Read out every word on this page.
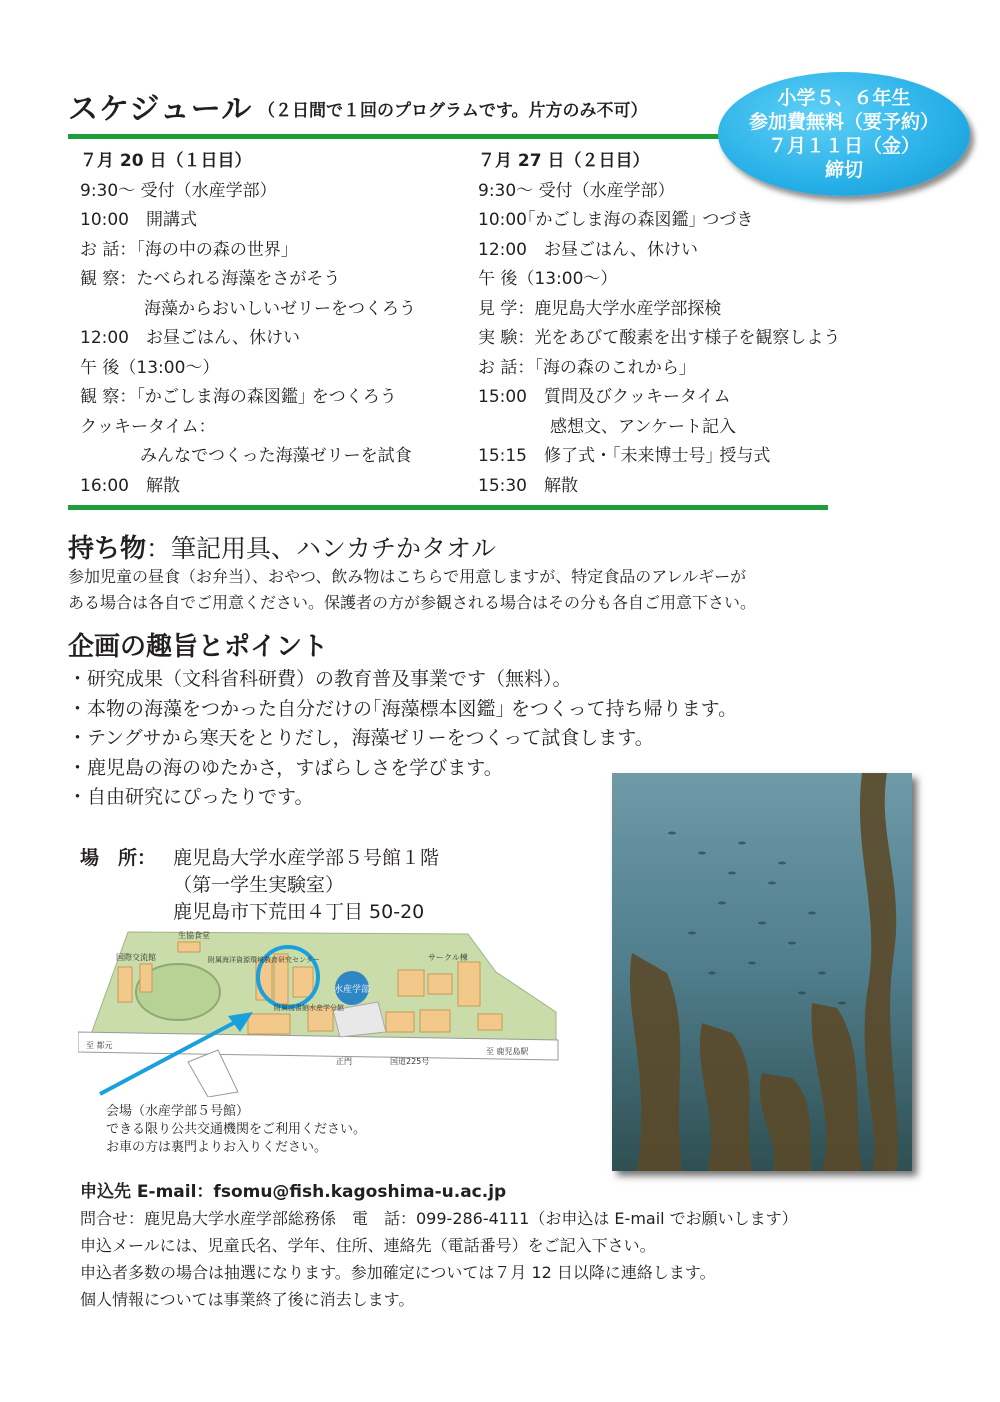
スケジュール （２日間で１回のプログラムです。片方のみ不可）
小学５、６年生
参加費無料（要予約）
７月１１日（金）
締切
７月 20 日（１日目）
9:30～ 受付（水産学部）
10:00　開講式
お 話：｢海の中の森の世界｣
観 察：たべられる海藻をさがそう
海藻からおいしいゼリーをつくろう
12:00　お昼ごはん、休けい
午 後（13:00～）
観 察：｢かごしま海の森図鑑｣ をつくろう
クッキータイム：
みんなでつくった海藻ゼリーを試食
16:00　解散
７月 27 日（２日目）
9:30～ 受付（水産学部）
10:00｢かごしま海の森図鑑｣ つづき
12:00　お昼ごはん、休けい
午 後（13:00～）
見 学：鹿児島大学水産学部探検
実 験：光をあびて酸素を出す様子を観察しよう
お 話：｢海の森のこれから｣
15:00　質問及びクッキータイム
感想文、アンケート記入
15:15　修了式・｢未来博士号｣ 授与式
15:30　解散
持ち物：筆記用具、ハンカチかタオル
参加児童の昼食（お弁当）、おやつ、飲み物はこちらで用意しますが、特定食品のアレルギーが
ある場合は各自でご用意ください。保護者の方が参観される場合はその分も各自ご用意下さい。
企画の趣旨とポイント
・研究成果（文科省科研費）の教育普及事業です（無料）。
・本物の海藻をつかった自分だけの｢海藻標本図鑑｣ をつくって持ち帰ります。
・テングサから寒天をとりだし，海藻ゼリーをつくって試食します。
・鹿児島の海のゆたかさ，すばらしさを学びます。
・自由研究にぴったりです。
場　所： 鹿児島大学水産学部５号館１階
（第一学生実験室）
鹿児島市下荒田４丁目 50-20
水産学部
生協食堂
国際交流館	附属海洋資源環境教育研究センター
附属図書館水産学分館
サークル棟
至 都元
正門	国道225号
至 鹿児島駅
会場（水産学部５号館）
できる限り公共交通機関をご利用ください。
お車の方は裏門よりお入りください。
申込先 E-mail：fsomu@fish.kagoshima-u.ac.jp
問合せ：鹿児島大学水産学部総務係　電　話：099-286-4111（お申込は E-mail でお願いします）
申込メールには、児童氏名、学年、住所、連絡先（電話番号）をご記入下さい。
申込者多数の場合は抽選になります。参加確定については７月 12 日以降に連絡します。
個人情報については事業終了後に消去します。
